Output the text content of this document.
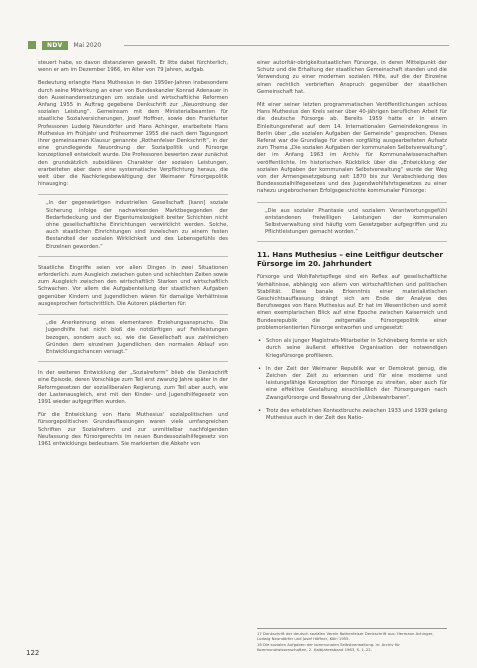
NDV	Mai 2020

steuert habe, so davon distanzieren gewollt. Er litte dabei fürchterlich, wenn er am im Dezember 1966, im Alter von 79 Jahren, aufgab.

Bedeutung erlangte Hans Muthesius in den 1950er-Jahren insbesondere durch seine Mitwirkung an einer von Bundeskanzler Konrad Adenauer in den Auseinandersetzungen um soziale und wirtschaftliche Reformen Anfang 1955 in Auftrag gegebene Denkschrift zur „Neuordnung der sozialen Leistung“. Gemeinsam mit dem Ministerialbeamten für staatliche Sozialversicherungen, Josef Hoffner, sowie den Frankfurter Professoren Ludwig Neundörfer und Hans Achinger, erarbeitete Hans Muthesius im Frühjahr und Frühsommer 1955 die nach dem Tagungsort ihrer gemeinsamen Klausur genannte „Rothenfelser Denkschrift“, in der eine grundlegende Neuordnung der Sozialpolitik und Fürsorge konzeptionell entwickelt wurde. Die Professoren bewerten zwar zunächst den grundsätzlich subsidiären Charakter der sozialen Leistungen, erarbeiteten aber dann eine systematische Verpflichtung heraus, die weit über die Nachkriegsbewältigung der Weimarer Fürsorgepolitik hinausging:

„In der gegenwärtigen industriellen Gesellschaft [kann] soziale Sicherung infolge der nachwirkenden Marktbegegenden der Bedarfsdeckung und der Eigentumslosigkeit breiter Schichten nicht ohne gesellschaftliche Einrichtungen verwirklicht werden. Solche, auch staatlichen Einrichtungen sind inzwischen zu einem festen Bestandteil der sozialen Wirklichkeit und des Lebensgefühls des Einzelnen geworden.“

Staatliche Eingriffe seien vor allen Dingen in zwei Situationen erforderlich: zum Ausgleich zwischen guten und schlechten Zeiten sowie zum Ausgleich zwischen den wirtschaftlich Starken und wirtschaftlich Schwachen. Vor allem die Aufgabenteilung der staatlichen Aufgaben gegenüber Kindern und Jugendlichen wären für damalige Verhältnisse ausgesprochen fortschrittlich. Die Autoren plädierten für:

„die Anerkennung eines elementaren Erziehungsanspruchs. Die Jugendhilfe hat nicht bloß die notdürftigen auf Fehlleistungen bezogen, sondern auch so, wie die Gesellschaft aus zahlreichen Gründen dem einzelnen Jugendlichen den normalen Ablauf von Entwicklungschancen versagt.“

In der weiteren Entwicklung der „Sozialreform“ blieb die Denkschrift eine Episode, deren Vorschläge zum Teil erst zwanzig Jahre später in der Reformgesetzen der sozialliberalen Regierung, zum Teil aber auch, wie der Lastenausgleich, erst mit den Kinder- und Jugendhilfegesetz von 1991 wieder aufgegriffen wurden.

Für die Entwicklung von Hans Muthesius' sozialpolitischen und fürsorgepolitischen Grundauffassungen waren viele umfangreichen Schriften zur Sozialreform und zur unmittelbar nachfolgenden Neufassung des Fürsorgerechts im neuen Bundessozialhilfegesetz von 1961 entwicklungs bedeutsam. Sie markierten die Abkehr von

einer autoritär-obrigkeitsstaatlichen Fürsorge, in deren Mittelpunkt der Schutz und die Erhaltung der staatlichen Gemeinschaft standen und die Verwendung zu einer modernen sozialen Hilfe, auf die der Einzelne einen rechtlich verbrieften Anspruch gegenüber der staatlichen Gemeinschaft hat.

Mit einer seiner letzten programmatischen Veröffentlichungen schloss Hans Muthesius den Kreis seiner über 40-jährigen beruflichen Arbeit für die deutsche Fürsorge ab. Bereits 1959 hatte er in einem Einleitungsreferat auf dem 14. Internationalen Gemeindekongress in Berlin über „die sozialen Aufgaben der Gemeinde“ gesprochen. Dieses Referat war die Grundlage für einen sorgfältig ausgearbeiteten Aufsatz zum Thema „Die sozialen Aufgaben der kommunalen Selbstverwaltung“, der im Anfang 1963 im Archiv für Kommunalwissenschaften veröffentlichte. Im historischen Rückblick über die „Entwicklung der sozialen Aufgaben der kommunalen Selbstverwaltung“ wurde der Weg von der Armengesetzgebung seit 1870 bis zur Verabschiedung des Bundessozialhilfegesetzes und des Jugendwohlfahrtsgesetzes zu einer nahezu ungebrochenen Erfolgsgeschichte kommunaler Fürsorge:

„Die aus sozialer Phantasie und sozialem Verantwortungsgefühl entstandenen freiwilligen Leistungen der kommunalen Selbstverwaltung sind häufig vom Gesetzgeber aufgegriffen und zu Pflichtleistungen gemacht worden.“
11. Hans Muthesius – eine Leitfigur deutscher Fürsorge im 20. Jahrhundert

Fürsorge und Wohlfahrtspflege sind ein Reflex auf gesellschaftliche Verhältnisse, abhängig von allem von wirtschaftlichen und politischen Stabilität. Diese banale Erkenntnis einer materialistischen Geschichtsauffassung drängt sich am Ende der Analyse des Berufsweges von Hans Muthesius auf. Er hat im Wesentlichen und somit einen exemplarischen Blick auf eine Epoche zwischen Kaiserreich und Bundesrepublik die zeitgemäße Fürsorgepolitik einer problemorientierten Fürsorge entworfen und umgesetzt:

• Schon als junger Magistrats-Mitarbeiter in Schöneberg formte er sich durch seine äußerst effektive Organisation der notwendigen Kriegsfürsorge profilieren.
• In der Zeit der Weimarer Republik war er Demokrat genug, die Zeichen der Zeit zu erkennen und für eine moderne und leistungsfähige Konzeption der Fürsorge zu streiten, aber auch für eine effektive Gestaltung einschließlich der Fürsorgungen nach Zwangsfürsorge und Bewahrung der „Unbewahrbaren“.
• Trotz des erheblichen Kontextbruchs zwischen 1933 und 1939 gelang Muthesius auch in der Zeit des Natio-

17 Denkschrift der deutsch sozialen Verein Rothenfelser Denkschrift aus: Hermann Achinger, Ludwig Neundörfer und Josef Höffner, Köln 1955.

18 Die sozialen Aufgaben der kommunalen Selbstverwaltung. In: Archiv für Kommunalwissenschaften, 2. Halbjahresband 1963, S. 1–22.

122
